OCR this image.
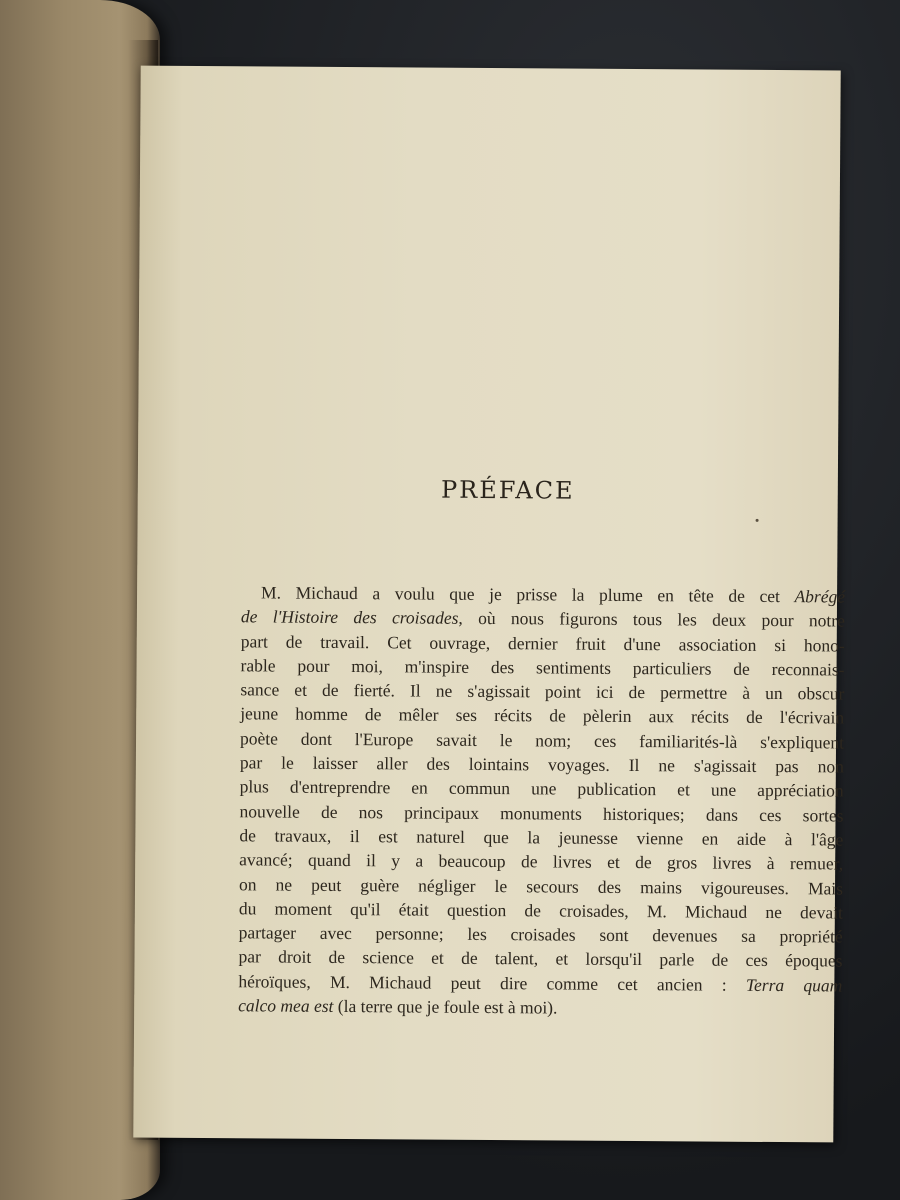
PRÉFACE
M. Michaud a voulu que je prisse la plume en tête de cet Abrégé
de l'Histoire des croisades, où nous figurons tous les deux pour notre
part de travail. Cet ouvrage, dernier fruit d'une association si hono-
rable pour moi, m'inspire des sentiments particuliers de reconnais-
sance et de fierté. Il ne s'agissait point ici de permettre à un obscur
jeune homme de mêler ses récits de pèlerin aux récits de l'écrivain
poète dont l'Europe savait le nom; ces familiarités-là s'expliquent
par le laisser aller des lointains voyages. Il ne s'agissait pas non
plus d'entreprendre en commun une publication et une appréciation
nouvelle de nos principaux monuments historiques; dans ces sortes
de travaux, il est naturel que la jeunesse vienne en aide à l'âge
avancé; quand il y a beaucoup de livres et de gros livres à remuer,
on ne peut guère négliger le secours des mains vigoureuses. Mais
du moment qu'il était question de croisades, M. Michaud ne devait
partager avec personne; les croisades sont devenues sa propriété
par droit de science et de talent, et lorsqu'il parle de ces époques
héroïques, M. Michaud peut dire comme cet ancien : Terra quam
calco mea est (la terre que je foule est à moi).
